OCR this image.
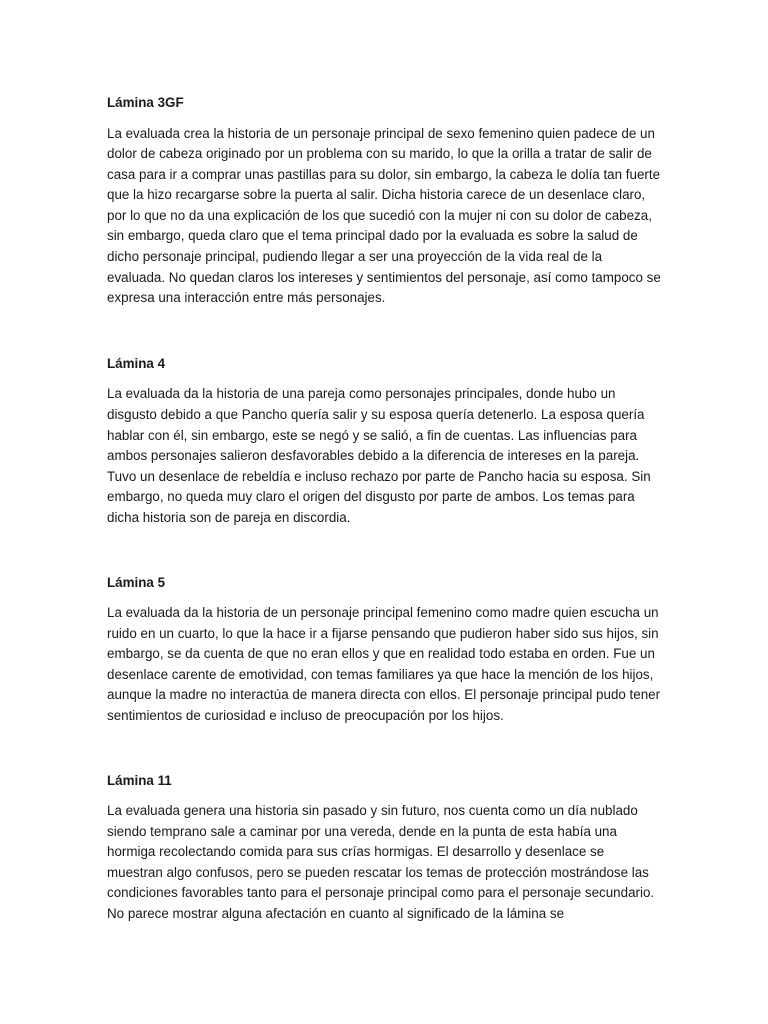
Lámina 3GF

La evaluada crea la historia de un personaje principal de sexo femenino quien padece de un dolor de cabeza originado por un problema con su marido, lo que la orilla a tratar de salir de casa para ir a comprar unas pastillas para su dolor, sin embargo, la cabeza le dolía tan fuerte que la hizo recargarse sobre la puerta al salir. Dicha historia carece de un desenlace claro, por lo que no da una explicación de los que sucedió con la mujer ni con su dolor de cabeza, sin embargo, queda claro que el tema principal dado por la evaluada es sobre la salud de dicho personaje principal, pudiendo llegar a ser una proyección de la vida real de la evaluada. No quedan claros los intereses y sentimientos del personaje, así como tampoco se expresa una interacción entre más personajes.

Lámina 4

La evaluada da la historia de una pareja como personajes principales, donde hubo un disgusto debido a que Pancho quería salir y su esposa quería detenerlo. La esposa quería hablar con él, sin embargo, este se negó y se salió, a fin de cuentas. Las influencias para ambos personajes salieron desfavorables debido a la diferencia de intereses en la pareja. Tuvo un desenlace de rebeldía e incluso rechazo por parte de Pancho hacia su esposa. Sin embargo, no queda muy claro el origen del disgusto por parte de ambos. Los temas para dicha historia son de pareja en discordia.

Lámina 5

La evaluada da la historia de un personaje principal femenino como madre quien escucha un ruido en un cuarto, lo que la hace ir a fijarse pensando que pudieron haber sido sus hijos, sin embargo, se da cuenta de que no eran ellos y que en realidad todo estaba en orden. Fue un desenlace carente de emotividad, con temas familiares ya que hace la mención de los hijos, aunque la madre no interactúa de manera directa con ellos. El personaje principal pudo tener sentimientos de curiosidad e incluso de preocupación por los hijos.

Lámina 11

La evaluada genera una historia sin pasado y sin futuro, nos cuenta como un día nublado siendo temprano sale a caminar por una vereda, dende en la punta de esta había una hormiga recolectando comida para sus crías hormigas. El desarrollo y desenlace se muestran algo confusos, pero se pueden rescatar los temas de protección mostrándose las condiciones favorables tanto para el personaje principal como para el personaje secundario. No parece mostrar alguna afectación en cuanto al significado de la lámina se
